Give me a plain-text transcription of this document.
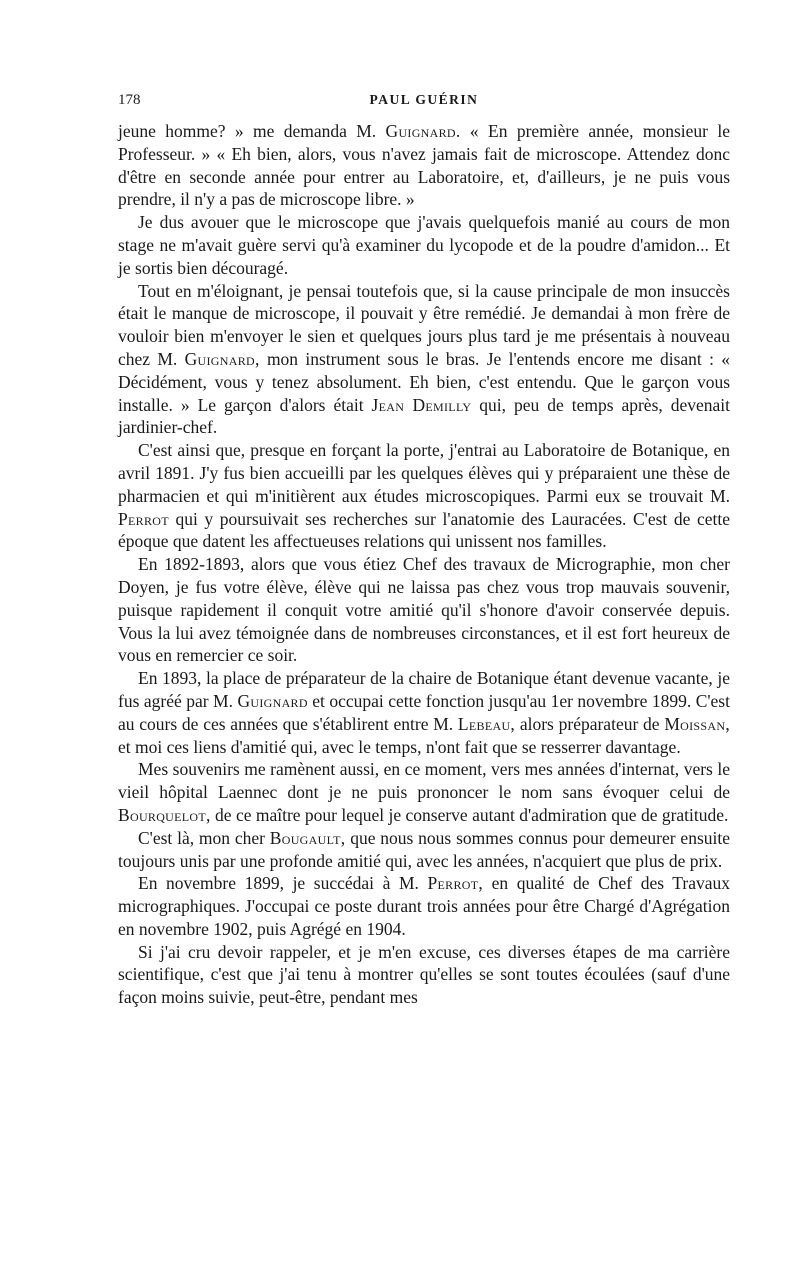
178	PAUL GUÉRIN

jeune homme? » me demanda M. Guignard. « En première année, monsieur le Professeur. » « Eh bien, alors, vous n'avez jamais fait de microscope. Attendez donc d'être en seconde année pour entrer au Laboratoire, et, d'ailleurs, je ne puis vous prendre, il n'y a pas de microscope libre. »

Je dus avouer que le microscope que j'avais quelquefois manié au cours de mon stage ne m'avait guère servi qu'à examiner du lycopode et de la poudre d'amidon... Et je sortis bien découragé.

Tout en m'éloignant, je pensai toutefois que, si la cause principale de mon insuccès était le manque de microscope, il pouvait y être remédié. Je demandai à mon frère de vouloir bien m'envoyer le sien et quelques jours plus tard je me présentais à nouveau chez M. Guignard, mon instrument sous le bras. Je l'entends encore me disant : « Décidément, vous y tenez absolument. Eh bien, c'est entendu. Que le garçon vous installe. » Le garçon d'alors était Jean Demilly qui, peu de temps après, devenait jardinier-chef.

C'est ainsi que, presque en forçant la porte, j'entrai au Laboratoire de Botanique, en avril 1891. J'y fus bien accueilli par les quelques élèves qui y préparaient une thèse de pharmacien et qui m'initièrent aux études microscopiques. Parmi eux se trouvait M. Perrot qui y poursuivait ses recherches sur l'anatomie des Lauracées. C'est de cette époque que datent les affectueuses relations qui unissent nos familles.

En 1892-1893, alors que vous étiez Chef des travaux de Micrographie, mon cher Doyen, je fus votre élève, élève qui ne laissa pas chez vous trop mauvais souvenir, puisque rapidement il conquit votre amitié qu'il s'honore d'avoir conservée depuis. Vous la lui avez témoignée dans de nombreuses circonstances, et il est fort heureux de vous en remercier ce soir.

En 1893, la place de préparateur de la chaire de Botanique étant devenue vacante, je fus agréé par M. Guignard et occupai cette fonction jusqu'au 1er novembre 1899. C'est au cours de ces années que s'établirent entre M. Lebeau, alors préparateur de Moissan, et moi ces liens d'amitié qui, avec le temps, n'ont fait que se resserrer davantage.

Mes souvenirs me ramènent aussi, en ce moment, vers mes années d'internat, vers le vieil hôpital Laennec dont je ne puis prononcer le nom sans évoquer celui de Bourquelot, de ce maître pour lequel je conserve autant d'admiration que de gratitude.

C'est là, mon cher Bougault, que nous nous sommes connus pour demeurer ensuite toujours unis par une profonde amitié qui, avec les années, n'acquiert que plus de prix.

En novembre 1899, je succédai à M. Perrot, en qualité de Chef des Travaux micrographiques. J'occupai ce poste durant trois années pour être Chargé d'Agrégation en novembre 1902, puis Agrégé en 1904.

Si j'ai cru devoir rappeler, et je m'en excuse, ces diverses étapes de ma carrière scientifique, c'est que j'ai tenu à montrer qu'elles se sont toutes écoulées (sauf d'une façon moins suivie, peut-être, pendant mes
